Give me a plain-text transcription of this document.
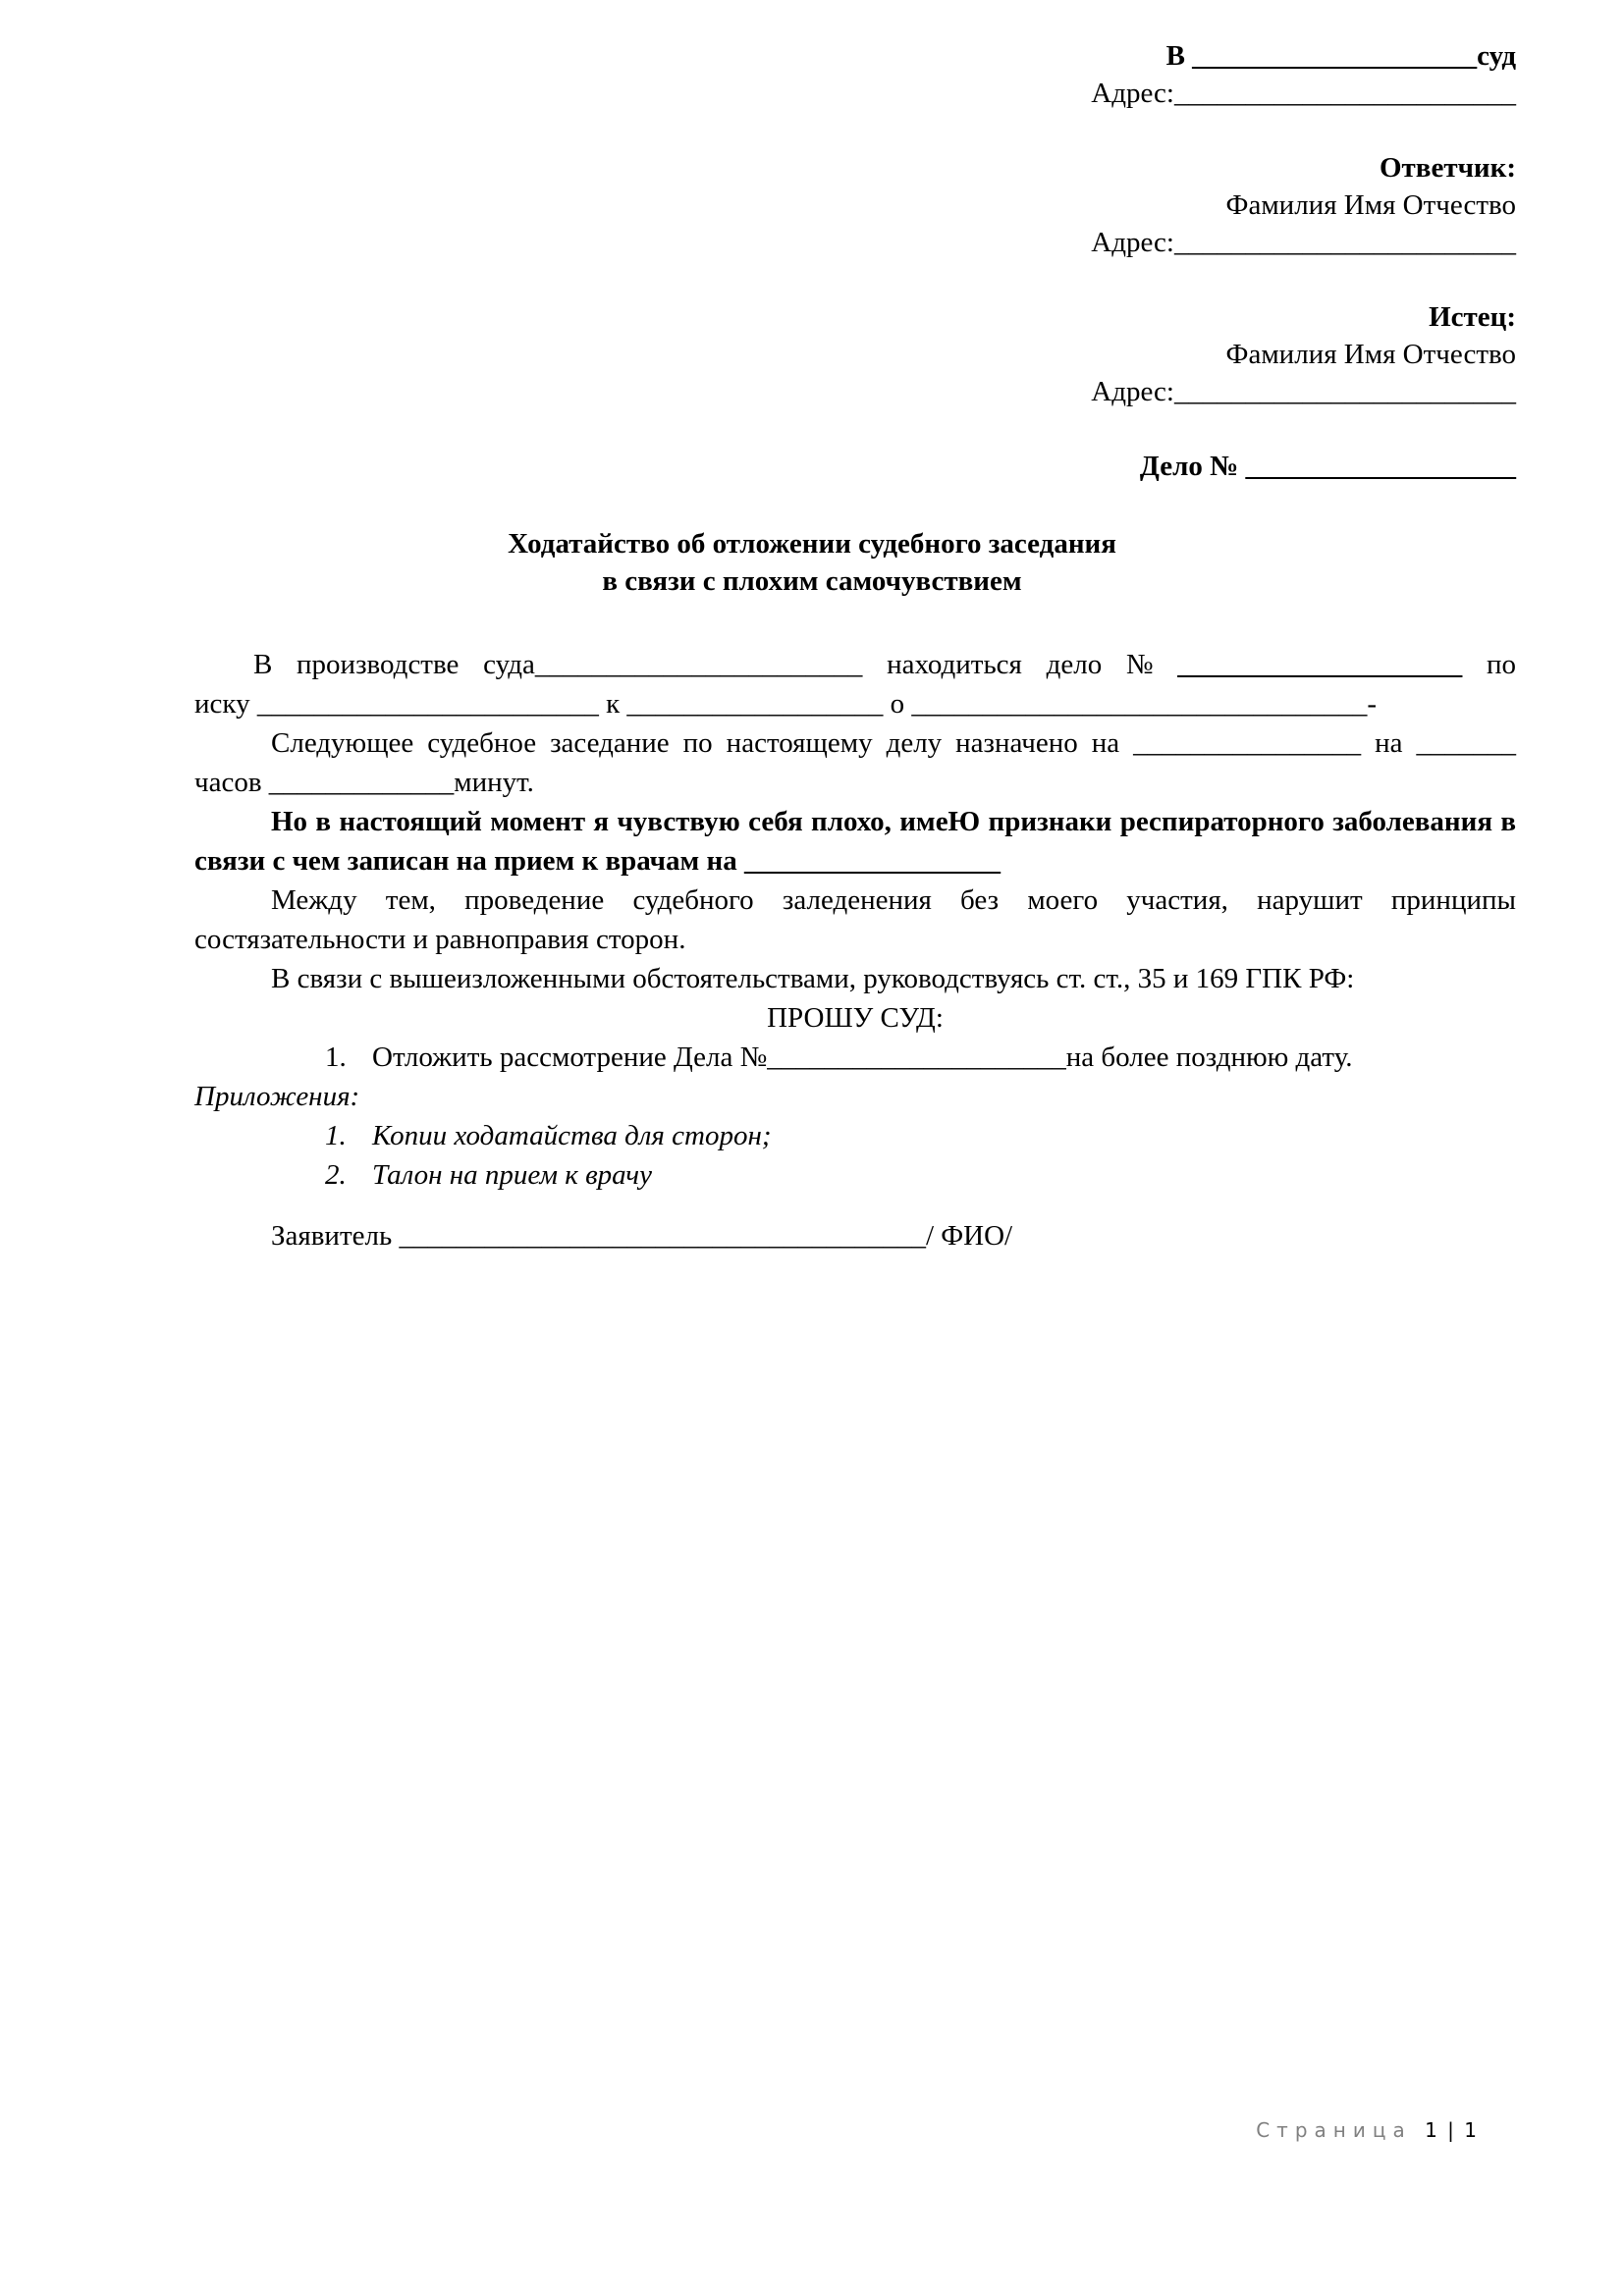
В ____________________суд
Адрес:________________________
Ответчик:
Фамилия Имя Отчество
Адрес:________________________
Истец:
Фамилия Имя Отчество
Адрес:________________________
Дело № ___________________
Ходатайство об отложении судебного заседания
в связи с плохим самочувствием
В производстве суда_______________________ находиться дело № ____________________ по
иску ________________________ к __________________ о ________________________________-
Следующее судебное заседание по настоящему делу назначено на ________________ на _______
часов _____________минут.
Но в настоящий момент я чувствую себя плохо, имеЮ признаки респираторного заболевания в связи с чем записан на прием к врачам на __________________
Между тем, проведение судебного заледенения без моего участия, нарушит принципы состязательности и равноправия сторон.
В связи с вышеизложенными обстоятельствами, руководствуясь ст. ст., 35 и 169 ГПК РФ:
ПРОШУ СУД:
1. Отложить рассмотрение Дела №_____________________на более позднюю дату.
Приложения:
1. Копии ходатайства для сторон;
2. Талон на прием к врачу
Заявитель _____________________________________/ ФИО/
Страница 1 | 1
